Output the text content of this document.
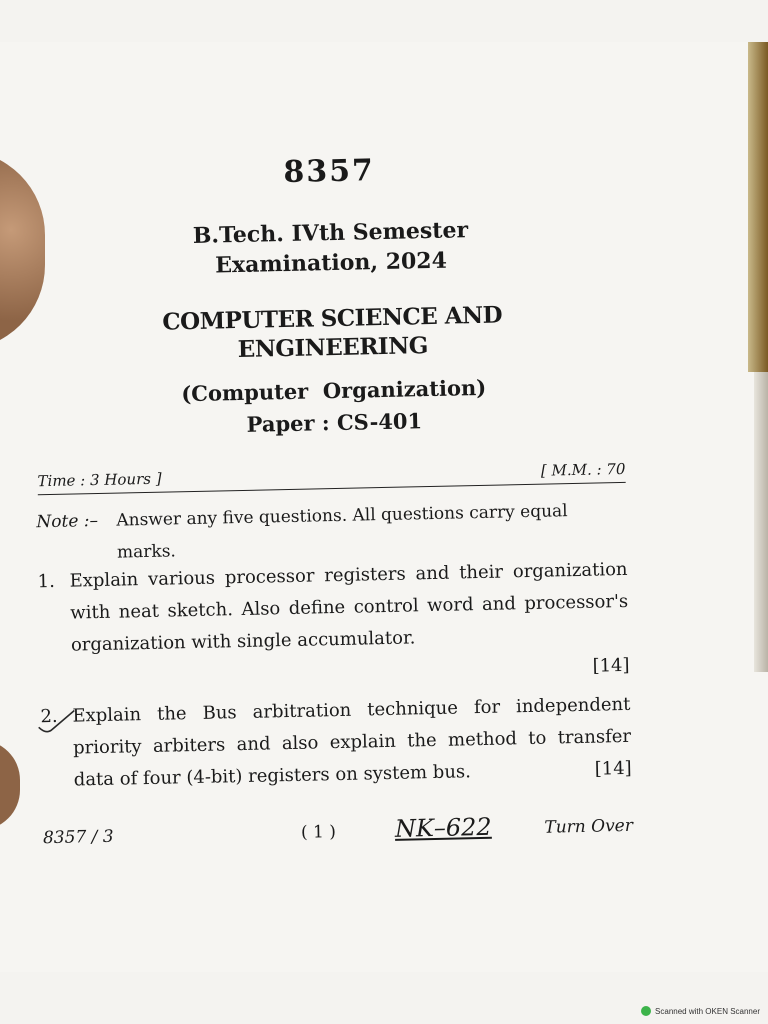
8357
B.Tech. IVth Semester
Examination, 2024
COMPUTER SCIENCE AND
ENGINEERING
(Computer  Organization)
Paper : CS-401
Time : 3 Hours ]	[ M.M. : 70
Note :– Answer any five questions. All questions carry equal
marks.
1. Explain various processor registers and their organization with neat sketch. Also define control word and processor's organization with single accumulator.
[14]
2. Explain the Bus arbitration technique for independent priority arbiters and also explain the method to transfer data of four (4-bit) registers on system bus.	[14]
8357 / 3	( 1 ) NK–622	Turn Over
Scanned with OKEN Scanner
